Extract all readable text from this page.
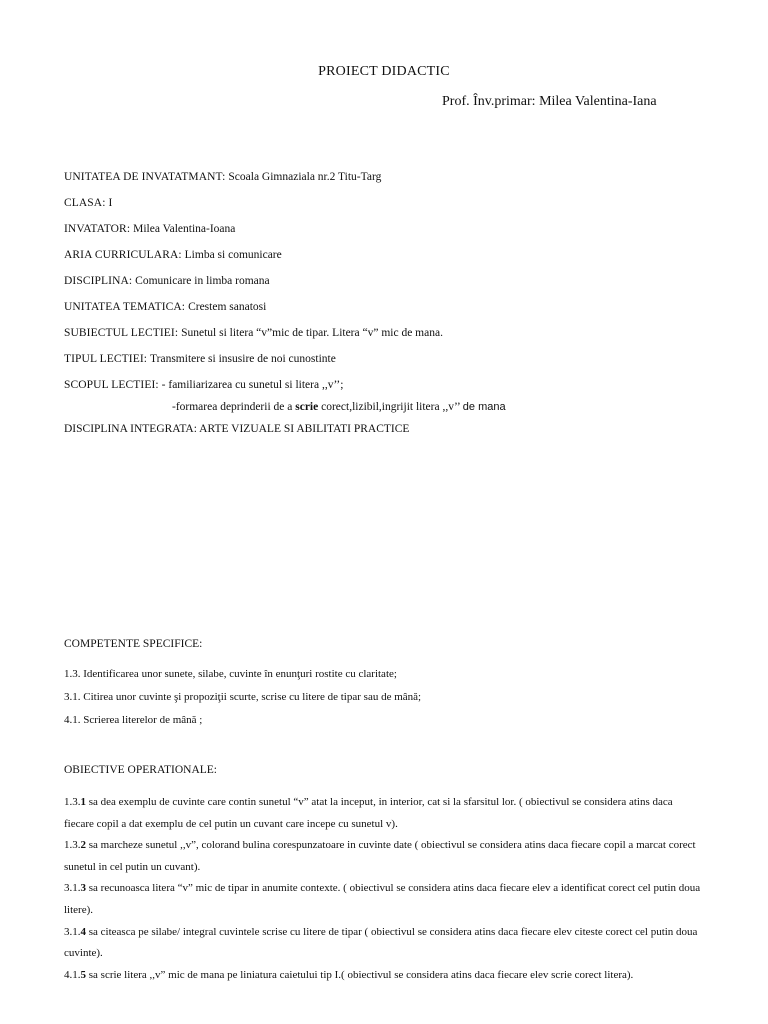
PROIECT DIDACTIC
Prof. Înv.primar: Milea Valentina-Iana
UNITATEA DE INVATATMANT: Scoala Gimnaziala nr.2 Titu-Targ
CLASA: I
INVATATOR: Milea Valentina-Ioana
ARIA CURRICULARA: Limba si comunicare
DISCIPLINA: Comunicare in limba romana
UNITATEA TEMATICA: Crestem sanatosi
SUBIECTUL LECTIEI: Sunetul si litera “v”mic de tipar. Litera “v” mic de mana.
TIPUL LECTIEI: Transmitere si insusire de noi cunostinte
SCOPUL LECTIEI: - familiarizarea cu sunetul si litera ,,v’’;
-formarea deprinderii de a scrie corect,lizibil,ingrijit litera ,,v’’ de mana
DISCIPLINA INTEGRATA: ARTE VIZUALE SI ABILITATI PRACTICE
COMPETENTE SPECIFICE:
1.3. Identificarea unor sunete, silabe, cuvinte în enunţuri rostite cu claritate;
3.1. Citirea unor cuvinte şi propoziţii scurte, scrise cu litere de tipar sau de mână;
4.1. Scrierea literelor de mână ;
OBIECTIVE OPERATIONALE:
1.3.1 sa dea exemplu de cuvinte care contin sunetul “v” atat la inceput, in interior, cat si la sfarsitul lor. ( obiectivul se considera atins daca fiecare copil a dat exemplu de cel putin un cuvant care incepe cu sunetul v).
1.3.2 sa marcheze sunetul ,,v”, colorand bulina corespunzatoare in cuvinte date ( obiectivul se considera atins daca fiecare copil a marcat corect sunetul in cel putin un cuvant).
3.1.3 sa recunoasca litera “v” mic de tipar in anumite contexte. ( obiectivul se considera atins daca fiecare elev a identificat corect cel putin doua litere).
3.1.4 sa citeasca pe silabe/ integral cuvintele scrise cu litere de tipar ( obiectivul se considera atins daca fiecare elev citeste corect cel putin doua cuvinte).
4.1.5 sa scrie litera ,,v” mic de mana pe liniatura caietului tip I.( obiectivul se considera atins daca fiecare elev scrie corect litera).
